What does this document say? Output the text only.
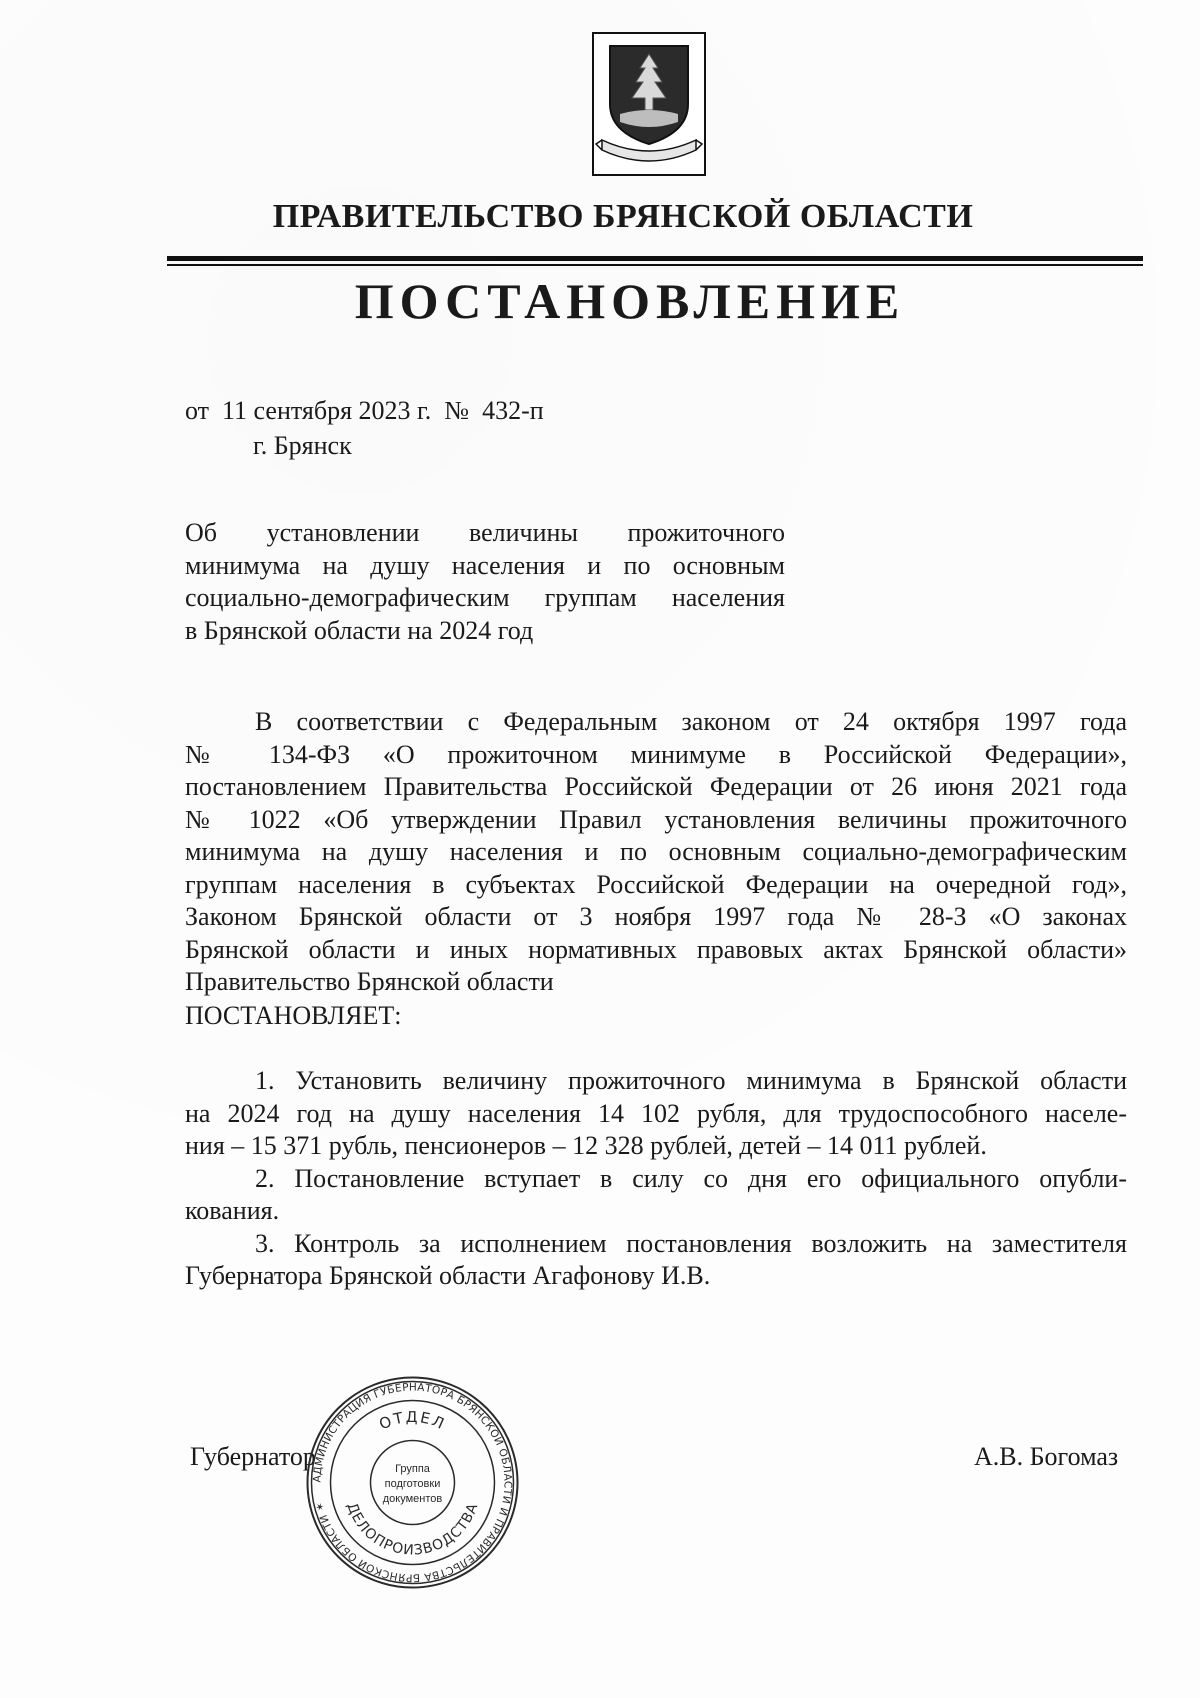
ПРАВИТЕЛЬСТВО БРЯНСКОЙ ОБЛАСТИ
ПОСТАНОВЛЕНИЕ
от  11 сентября 2023 г.  №  432-п
г. Брянск
Об установлении величины прожиточного
минимума на душу населения и по основным
социально-демографическим группам населения
в Брянской области на 2024 год
В соответствии с Федеральным законом от 24 октября 1997 года
№ 134-ФЗ «О прожиточном минимуме в Российской Федерации»,
постановлением Правительства Российской Федерации от 26 июня 2021 года
№ 1022 «Об утверждении Правил установления величины прожиточного
минимума на душу населения и по основным социально-демографическим
группам населения в субъектах Российской Федерации на очередной год»,
Законом Брянской области от 3 ноября 1997 года № 28-З «О законах
Брянской области и иных нормативных правовых актах Брянской области»
Правительство Брянской области
ПОСТАНОВЛЯЕТ:
1. Установить величину прожиточного минимума в Брянской области
на 2024 год на душу населения 14 102 рубля, для трудоспособного населе-
ния – 15 371 рубль, пенсионеров – 12 328 рублей, детей – 14 011 рублей.
2. Постановление вступает в силу со дня его официального опубли-
кования.
3. Контроль за исполнением постановления возложить на заместителя
Губернатора Брянской области Агафонову И.В.
Губернатор	А.В. Богомаз
АДМИНИСТРАЦИЯ ГУБЕРНАТОРА БРЯНСКОЙ ОБЛАСТИ И ПРАВИТЕЛЬСТВА БРЯНСКОЙ ОБЛАСТИ ✶
ОТДЕЛ
ДЕЛОПРОИЗВОДСТВА
Группа
подготовки
документов
